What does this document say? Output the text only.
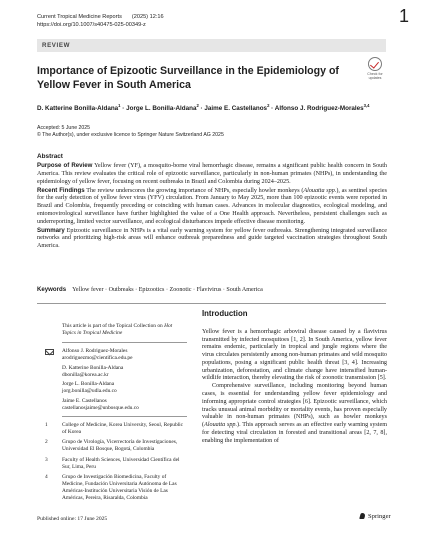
Current Tropical Medicine Reports (2025) 12:16
https://doi.org/10.1007/s40475-025-00349-z	1
REVIEW
Check for
updates
Importance of Epizootic Surveillance in the Epidemiology of Yellow Fever in South America
D. Katterine Bonilla-Aldana$^1$ · Jorge L. Bonilla-Aldana$^2$ · Jaime E. Castellanos$^2$ · Alfonso J. Rodriguez-Morales$^{3,4}$
Accepted: 5 June 2025
© The Author(s), under exclusive licence to Springer Nature Switzerland AG 2025
Abstract

Purpose of Review Yellow fever (YF), a mosquito-borne viral hemorrhagic disease, remains a significant public health concern in South America. This review evaluates the critical role of epizootic surveillance, particularly in non-human primates (NHPs), in understanding the epidemiology of yellow fever, focusing on recent outbreaks in Brazil and Colombia during 2024–2025.

Recent Findings The review underscores the growing importance of NHPs, especially howler monkeys (Alouatta spp.), as sentinel species for the early detection of yellow fever virus (YFV) circulation. From January to May 2025, more than 100 epizootic events were reported in Brazil and Colombia, frequently preceding or coinciding with human cases. Advances in molecular diagnostics, ecological modeling, and entomovirological surveillance have further highlighted the value of a One Health approach. Nevertheless, persistent challenges such as underreporting, limited vector surveillance, and ecological disturbances impede effective disease monitoring.

Summary Epizootic surveillance in NHPs is a vital early warning system for yellow fever outbreaks. Strengthening integrated surveillance networks and prioritizing high-risk areas will enhance outbreak preparedness and guide targeted vaccination strategies throughout South America.

Keywords Yellow fever · Outbreaks · Epizootics · Zoonotic · Flavivirus · South America
This article is part of the Topical Collection on Hot Topics in Tropical Medicine
Alfonso J. Rodriguez-Morales
arodriguezmo@cientifica.edu.pe
D. Katterine Bonilla-Aldana
dbonilla@korea.ac.kr
Jorge L. Bonilla-Aldana
jorg.bonilla@udla.edu.co
Jaime E. Castellanos
castellanosjaime@unbosque.edu.co
1	College of Medicine, Korea University, Seoul, Republic of Korea
2	Grupo de Virología, Vicerrectoría de Investigaciones, Universidad El Bosque, Bogotá, Colombia
3	Faculty of Health Sciences, Universidad Científica del Sur, Lima, Peru
4	Grupo de Investigación Biomedicina, Faculty of Medicine, Fundación Universitaria Autónoma de Las Américas-Institución Universitaria Visión de Las Américas, Pereira, Risaralda, Colombia
Published online: 17 June 2025
Introduction

Yellow fever is a hemorrhagic arboviral disease caused by a flavivirus transmitted by infected mosquitoes [1, 2]. In South America, yellow fever remains endemic, particularly in tropical and jungle regions where the virus circulates persistently among non-human primates and wild mosquito populations, posing a significant public health threat [3, 4]. Increasing urbanization, deforestation, and climate change have intensified human-wildlife interaction, thereby elevating the risk of zoonotic transmission [5].

Comprehensive surveillance, including monitoring beyond human cases, is essential for understanding yellow fever epidemiology and informing appropriate control strategies [6]. Epizootic surveillance, which tracks unusual animal morbidity or mortality events, has proven especially valuable in non-human primates (NHPs), such as howler monkeys (Alouatta spp.). This approach serves as an effective early warning system for detecting viral circulation in forested and transitional areas [2, 7, 8], enabling the implementation of

Springer
